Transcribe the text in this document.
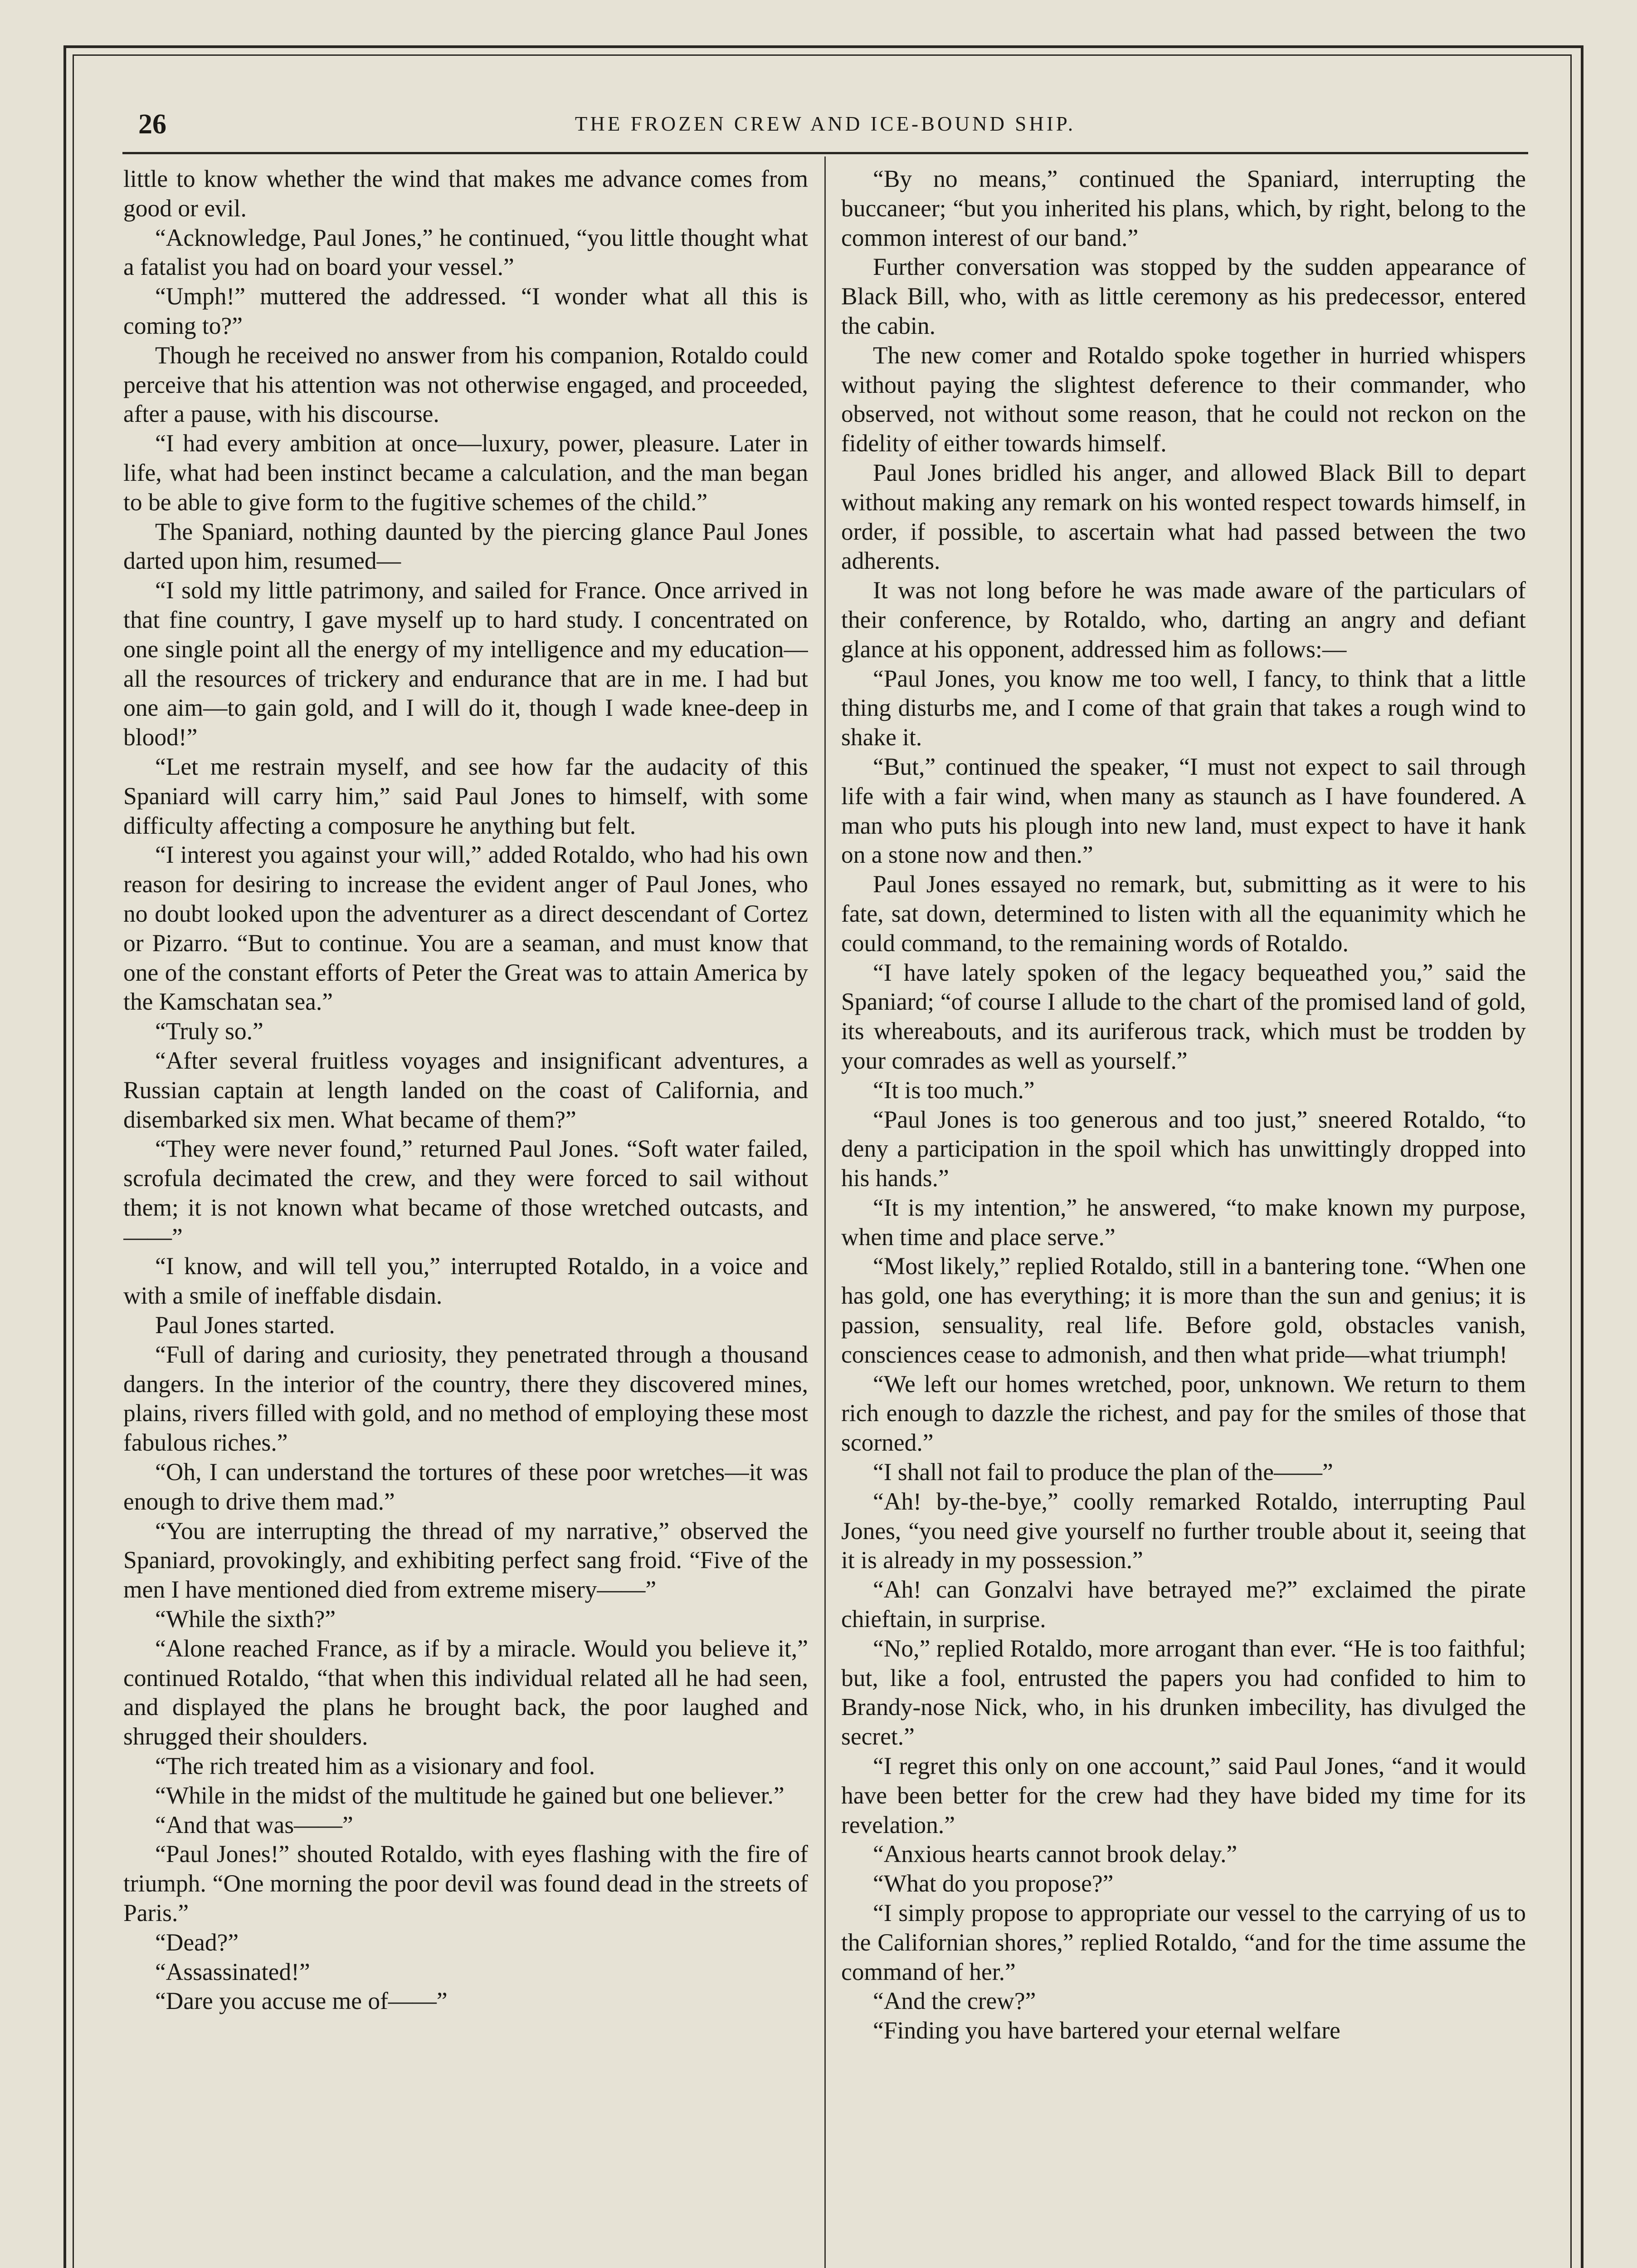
26	THE FROZEN CREW AND ICE-BOUND SHIP.

little to know whether the wind that makes me advance comes from good or evil.

“Acknowledge, Paul Jones,” he continued, “you little thought what a fatalist you had on board your vessel.”

“Umph!” muttered the addressed. “I wonder what all this is coming to?”

Though he received no answer from his companion, Rotaldo could perceive that his attention was not otherwise engaged, and proceeded, after a pause, with his discourse.

“I had every ambition at once—luxury, power, pleasure. Later in life, what had been instinct became a calculation, and the man began to be able to give form to the fugitive schemes of the child.”

The Spaniard, nothing daunted by the piercing glance Paul Jones darted upon him, resumed—

“I sold my little patrimony, and sailed for France. Once arrived in that fine country, I gave myself up to hard study. I concentrated on one single point all the energy of my intelligence and my education—all the resources of trickery and endurance that are in me. I had but one aim—to gain gold, and I will do it, though I wade knee-deep in blood!”

“Let me restrain myself, and see how far the audacity of this Spaniard will carry him,” said Paul Jones to himself, with some difficulty affecting a composure he anything but felt.

“I interest you against your will,” added Rotaldo, who had his own reason for desiring to increase the evident anger of Paul Jones, who no doubt looked upon the adventurer as a direct descendant of Cortez or Pizarro. “But to continue. You are a seaman, and must know that one of the constant efforts of Peter the Great was to attain America by the Kamschatan sea.”

“Truly so.”

“After several fruitless voyages and insignificant adventures, a Russian captain at length landed on the coast of California, and disembarked six men. What became of them?”

“They were never found,” returned Paul Jones. “Soft water failed, scrofula decimated the crew, and they were forced to sail without them; it is not known what became of those wretched outcasts, and——”

“I know, and will tell you,” interrupted Rotaldo, in a voice and with a smile of ineffable disdain.

Paul Jones started.

“Full of daring and curiosity, they penetrated through a thousand dangers. In the interior of the country, there they discovered mines, plains, rivers filled with gold, and no method of employing these most fabulous riches.”

“Oh, I can understand the tortures of these poor wretches—it was enough to drive them mad.”

“You are interrupting the thread of my narrative,” observed the Spaniard, provokingly, and exhibiting perfect sang froid. “Five of the men I have mentioned died from extreme misery——”

“While the sixth?”

“Alone reached France, as if by a miracle. Would you believe it,” continued Rotaldo, “that when this individual related all he had seen, and displayed the plans he brought back, the poor laughed and shrugged their shoulders.

“The rich treated him as a visionary and fool.

“While in the midst of the multitude he gained but one believer.”

“And that was——”

“Paul Jones!” shouted Rotaldo, with eyes flashing with the fire of triumph. “One morning the poor devil was found dead in the streets of Paris.”

“Dead?”

“Assassinated!”

“Dare you accuse me of——”

“By no means,” continued the Spaniard, interrupting the buccaneer; “but you inherited his plans, which, by right, belong to the common interest of our band.”

Further conversation was stopped by the sudden appearance of Black Bill, who, with as little ceremony as his predecessor, entered the cabin.

The new comer and Rotaldo spoke together in hurried whispers without paying the slightest deference to their commander, who observed, not without some reason, that he could not reckon on the fidelity of either towards himself.

Paul Jones bridled his anger, and allowed Black Bill to depart without making any remark on his wonted respect towards himself, in order, if possible, to ascertain what had passed between the two adherents.

It was not long before he was made aware of the particulars of their conference, by Rotaldo, who, darting an angry and defiant glance at his opponent, addressed him as follows:—

“Paul Jones, you know me too well, I fancy, to think that a little thing disturbs me, and I come of that grain that takes a rough wind to shake it.

“But,” continued the speaker, “I must not expect to sail through life with a fair wind, when many as staunch as I have foundered. A man who puts his plough into new land, must expect to have it hank on a stone now and then.”

Paul Jones essayed no remark, but, submitting as it were to his fate, sat down, determined to listen with all the equanimity which he could command, to the remaining words of Rotaldo.

“I have lately spoken of the legacy bequeathed you,” said the Spaniard; “of course I allude to the chart of the promised land of gold, its whereabouts, and its auriferous track, which must be trodden by your comrades as well as yourself.”

“It is too much.”

“Paul Jones is too generous and too just,” sneered Rotaldo, “to deny a participation in the spoil which has unwittingly dropped into his hands.”

“It is my intention,” he answered, “to make known my purpose, when time and place serve.”

“Most likely,” replied Rotaldo, still in a bantering tone. “When one has gold, one has everything; it is more than the sun and genius; it is passion, sensuality, real life. Before gold, obstacles vanish, consciences cease to admonish, and then what pride—what triumph!

“We left our homes wretched, poor, unknown. We return to them rich enough to dazzle the richest, and pay for the smiles of those that scorned.”

“I shall not fail to produce the plan of the——”

“Ah! by-the-bye,” coolly remarked Rotaldo, interrupting Paul Jones, “you need give yourself no further trouble about it, seeing that it is already in my possession.”

“Ah! can Gonzalvi have betrayed me?” exclaimed the pirate chieftain, in surprise.

“No,” replied Rotaldo, more arrogant than ever. “He is too faithful; but, like a fool, entrusted the papers you had confided to him to Brandy-nose Nick, who, in his drunken imbecility, has divulged the secret.”

“I regret this only on one account,” said Paul Jones, “and it would have been better for the crew had they have bided my time for its revelation.”

“Anxious hearts cannot brook delay.”

“What do you propose?”

“I simply propose to appropriate our vessel to the carrying of us to the Californian shores,” replied Rotaldo, “and for the time assume the command of her.”

“And the crew?”

“Finding you have bartered your eternal welfare
